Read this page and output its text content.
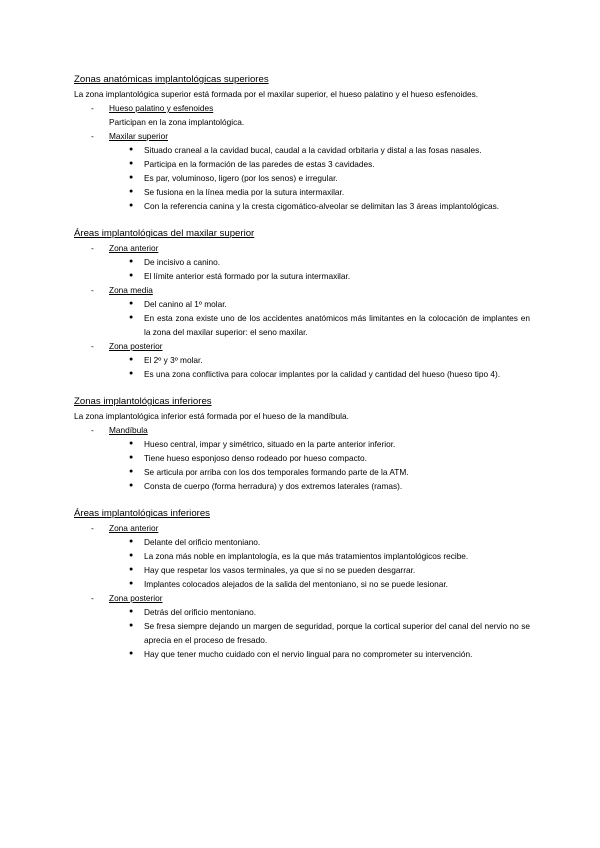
Zonas anatómicas implantológicas superiores
La zona implantológica superior está formada por el maxilar superior, el hueso palatino y el hueso esfenoides.
- Hueso palatino y esfenoides
Participan en la zona implantológica.
- Maxilar superior
● Situado craneal a la cavidad bucal, caudal a la cavidad orbitaria y distal a las fosas nasales.
● Participa en la formación de las paredes de estas 3 cavidades.
● Es par, voluminoso, ligero (por los senos) e irregular.
● Se fusiona en la línea media por la sutura intermaxilar.
● Con la referencia canina y la cresta cigomático-alveolar se delimitan las 3 áreas implantológicas.
Áreas implantológicas del maxilar superior
- Zona anterior
● De incisivo a canino.
● El límite anterior está formado por la sutura intermaxilar.
- Zona media
● Del canino al 1º molar.
● En esta zona existe uno de los accidentes anatómicos más limitantes en la colocación de implantes en la zona del maxilar superior: el seno maxilar.
- Zona posterior
● El 2º y 3º molar.
● Es una zona conflictiva para colocar implantes por la calidad y cantidad del hueso (hueso tipo 4).
Zonas implantológicas inferiores
La zona implantológica inferior está formada por el hueso de la mandíbula.
- Mandíbula
● Hueso central, impar y simétrico, situado en la parte anterior inferior.
● Tiene hueso esponjoso denso rodeado por hueso compacto.
● Se articula por arriba con los dos temporales formando parte de la ATM.
● Consta de cuerpo (forma herradura) y dos extremos laterales (ramas).
Áreas implantológicas inferiores
- Zona anterior
● Delante del orificio mentoniano.
● La zona más noble en implantología, es la que más tratamientos implantológicos recibe.
● Hay que respetar los vasos terminales, ya que si no se pueden desgarrar.
● Implantes colocados alejados de la salida del mentoniano, si no se puede lesionar.
- Zona posterior
● Detrás del orificio mentoniano.
● Se fresa siempre dejando un margen de seguridad, porque la cortical superior del canal del nervio no se aprecia en el proceso de fresado.
● Hay que tener mucho cuidado con el nervio lingual para no comprometer su intervención.
